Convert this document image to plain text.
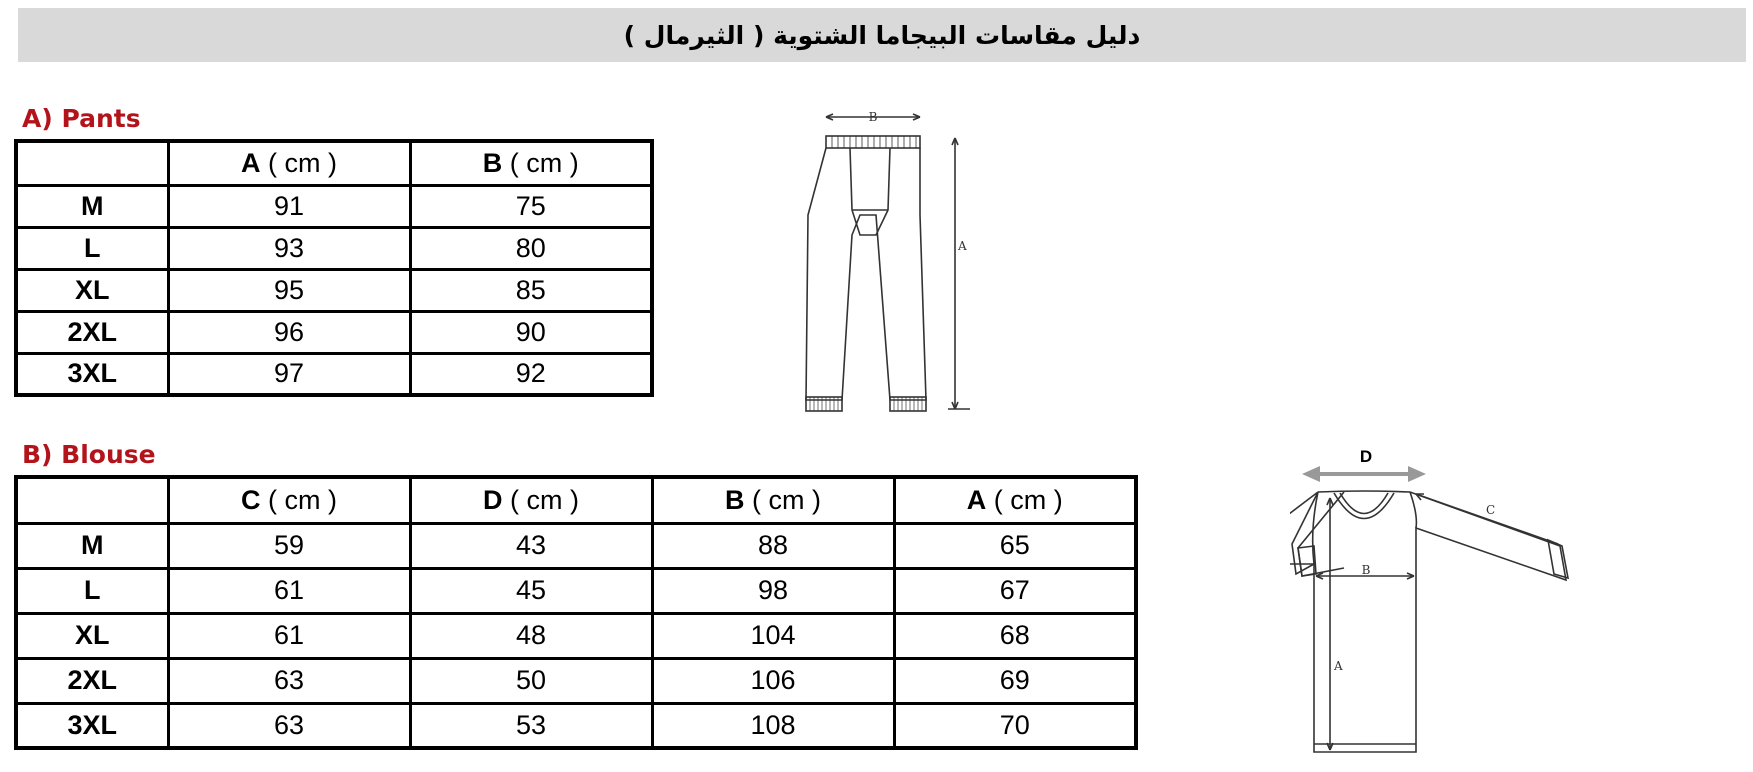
دليل مقاسات البيجاما الشتوية ( الثيرمال )
A) Pants
	A ( cm )	B ( cm )
M	91	75
L	93	80
XL	95	85
2XL	96	90
3XL	97	92
B
A
B) Blouse
	C ( cm )	D ( cm )	B ( cm )	A ( cm )
M	59	43	88	65
L	61	45	98	67
XL	61	48	104	68
2XL	63	50	106	69
3XL	63	53	108	70
D
C
B
A
